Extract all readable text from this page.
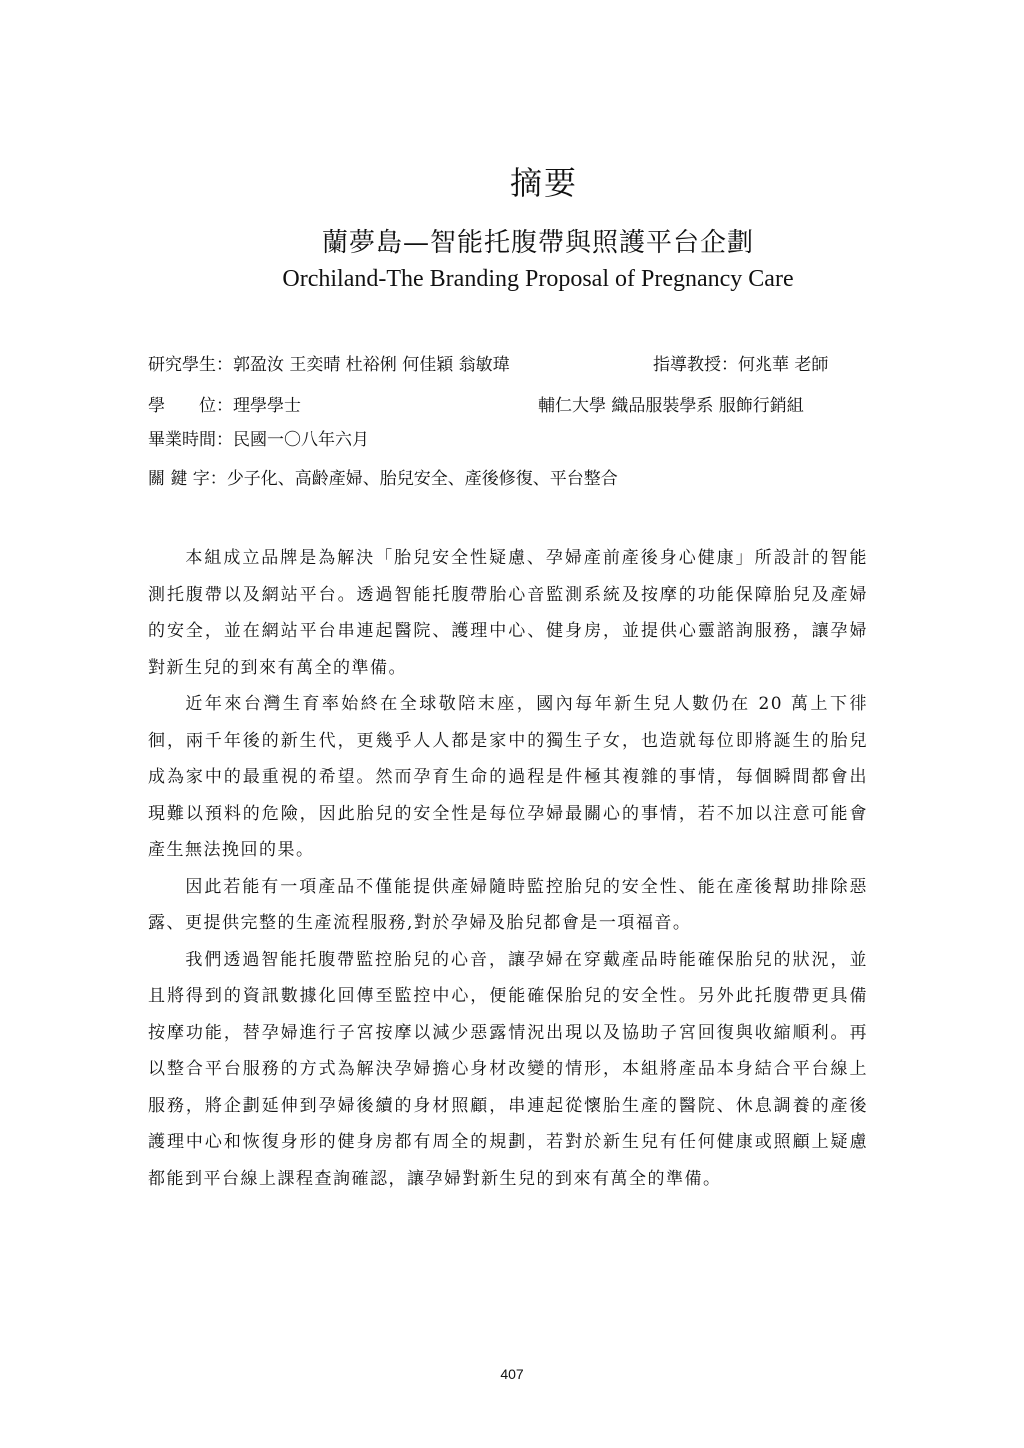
摘要
蘭夢島—智能托腹帶與照護平台企劃
Orchiland-The Branding Proposal of Pregnancy Care
研究學生：郭盈汝 王奕晴 杜裕俐 何佳穎 翁敏瑋	指導教授：何兆華 老師
學　　位：理學學士	輔仁大學 織品服裝學系 服飾行銷組
畢業時間：民國一〇八年六月
關 鍵 字：少子化、高齡產婦、胎兒安全、產後修復、平台整合

本組成立品牌是為解決「胎兒安全性疑慮、孕婦產前產後身心健康」所設計的智能測托腹帶以及網站平台。透過智能托腹帶胎心音監測系統及按摩的功能保障胎兒及產婦的安全，並在網站平台串連起醫院、護理中心、健身房，並提供心靈諮詢服務，讓孕婦對新生兒的到來有萬全的準備。

近年來台灣生育率始終在全球敬陪末座，國內每年新生兒人數仍在 20 萬上下徘徊，兩千年後的新生代，更幾乎人人都是家中的獨生子女，也造就每位即將誕生的胎兒成為家中的最重視的希望。然而孕育生命的過程是件極其複雜的事情，每個瞬間都會出現難以預料的危險，因此胎兒的安全性是每位孕婦最關心的事情，若不加以注意可能會產生無法挽回的果。

因此若能有一項產品不僅能提供產婦隨時監控胎兒的安全性、能在產後幫助排除惡露、更提供完整的生產流程服務,對於孕婦及胎兒都會是一項福音。

我們透過智能托腹帶監控胎兒的心音，讓孕婦在穿戴產品時能確保胎兒的狀況，並且將得到的資訊數據化回傳至監控中心，便能確保胎兒的安全性。另外此托腹帶更具備按摩功能，替孕婦進行子宮按摩以減少惡露情況出現以及協助子宮回復與收縮順利。再以整合平台服務的方式為解決孕婦擔心身材改變的情形，本組將產品本身結合平台線上服務，將企劃延伸到孕婦後續的身材照顧，串連起從懷胎生產的醫院、休息調養的產後護理中心和恢復身形的健身房都有周全的規劃，若對於新生兒有任何健康或照顧上疑慮都能到平台線上課程查詢確認，讓孕婦對新生兒的到來有萬全的準備。

407
